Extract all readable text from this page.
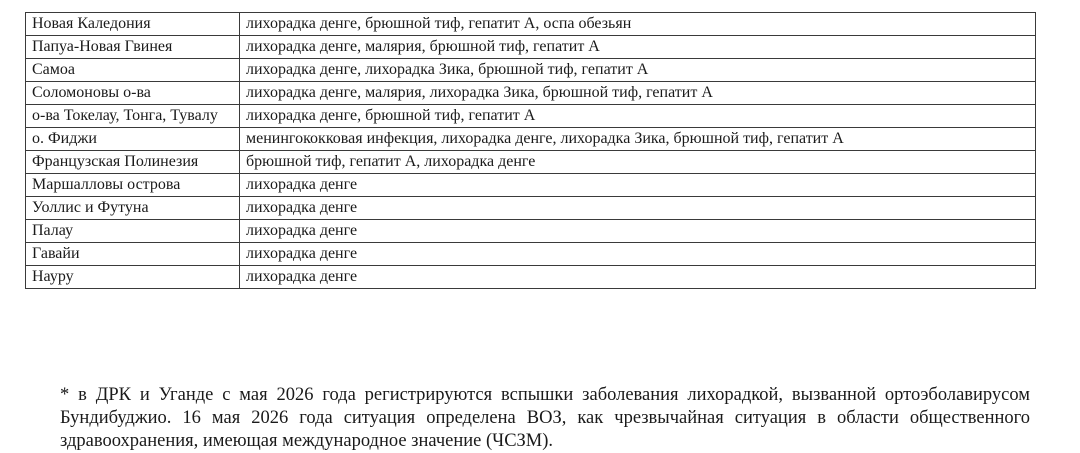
Новая Каледония	лихорадка денге, брюшной тиф, гепатит А, оспа обезьян
Папуа-Новая Гвинея	лихорадка денге, малярия, брюшной тиф, гепатит А
Самоа	лихорадка денге, лихорадка Зика, брюшной тиф, гепатит А
Соломоновы о-ва	лихорадка денге, малярия, лихорадка Зика, брюшной тиф, гепатит А
о-ва Токелау, Тонга, Тувалу	лихорадка денге, брюшной тиф, гепатит А
о. Фиджи	менингококковая инфекция, лихорадка денге, лихорадка Зика, брюшной тиф, гепатит А
Французская Полинезия	брюшной тиф, гепатит А, лихорадка денге
Маршалловы острова	лихорадка денге
Уоллис и Футуна	лихорадка денге
Палау	лихорадка денге
Гавайи	лихорадка денге
Науру	лихорадка денге

* в ДРК и Уганде с мая 2026 года регистрируются вспышки заболевания лихорадкой, вызванной ортоэболавирусом Бундибуджио. 16 мая 2026 года ситуация определена ВОЗ, как чрезвычайная ситуация в области общественного здравоохранения, имеющая международное значение (ЧСЗМ).
